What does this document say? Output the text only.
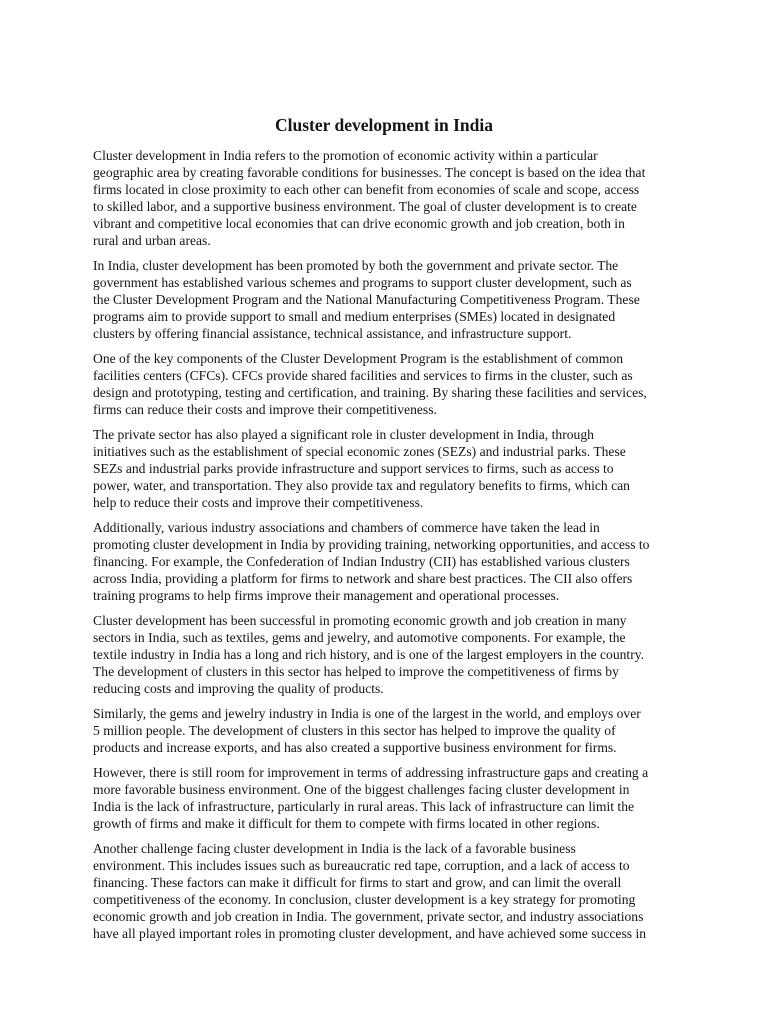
Cluster development in India

Cluster development in India refers to the promotion of economic activity within a particular
geographic area by creating favorable conditions for businesses. The concept is based on the idea that
firms located in close proximity to each other can benefit from economies of scale and scope, access
to skilled labor, and a supportive business environment. The goal of cluster development is to create
vibrant and competitive local economies that can drive economic growth and job creation, both in
rural and urban areas.

In India, cluster development has been promoted by both the government and private sector. The
government has established various schemes and programs to support cluster development, such as
the Cluster Development Program and the National Manufacturing Competitiveness Program. These
programs aim to provide support to small and medium enterprises (SMEs) located in designated
clusters by offering financial assistance, technical assistance, and infrastructure support.

One of the key components of the Cluster Development Program is the establishment of common
facilities centers (CFCs). CFCs provide shared facilities and services to firms in the cluster, such as
design and prototyping, testing and certification, and training. By sharing these facilities and services,
firms can reduce their costs and improve their competitiveness.

The private sector has also played a significant role in cluster development in India, through
initiatives such as the establishment of special economic zones (SEZs) and industrial parks. These
SEZs and industrial parks provide infrastructure and support services to firms, such as access to
power, water, and transportation. They also provide tax and regulatory benefits to firms, which can
help to reduce their costs and improve their competitiveness.

Additionally, various industry associations and chambers of commerce have taken the lead in
promoting cluster development in India by providing training, networking opportunities, and access to
financing. For example, the Confederation of Indian Industry (CII) has established various clusters
across India, providing a platform for firms to network and share best practices. The CII also offers
training programs to help firms improve their management and operational processes.

Cluster development has been successful in promoting economic growth and job creation in many
sectors in India, such as textiles, gems and jewelry, and automotive components. For example, the
textile industry in India has a long and rich history, and is one of the largest employers in the country.
The development of clusters in this sector has helped to improve the competitiveness of firms by
reducing costs and improving the quality of products.

Similarly, the gems and jewelry industry in India is one of the largest in the world, and employs over
5 million people. The development of clusters in this sector has helped to improve the quality of
products and increase exports, and has also created a supportive business environment for firms.

However, there is still room for improvement in terms of addressing infrastructure gaps and creating a
more favorable business environment. One of the biggest challenges facing cluster development in
India is the lack of infrastructure, particularly in rural areas. This lack of infrastructure can limit the
growth of firms and make it difficult for them to compete with firms located in other regions.

Another challenge facing cluster development in India is the lack of a favorable business
environment. This includes issues such as bureaucratic red tape, corruption, and a lack of access to
financing. These factors can make it difficult for firms to start and grow, and can limit the overall
competitiveness of the economy. In conclusion, cluster development is a key strategy for promoting
economic growth and job creation in India. The government, private sector, and industry associations
have all played important roles in promoting cluster development, and have achieved some success in
